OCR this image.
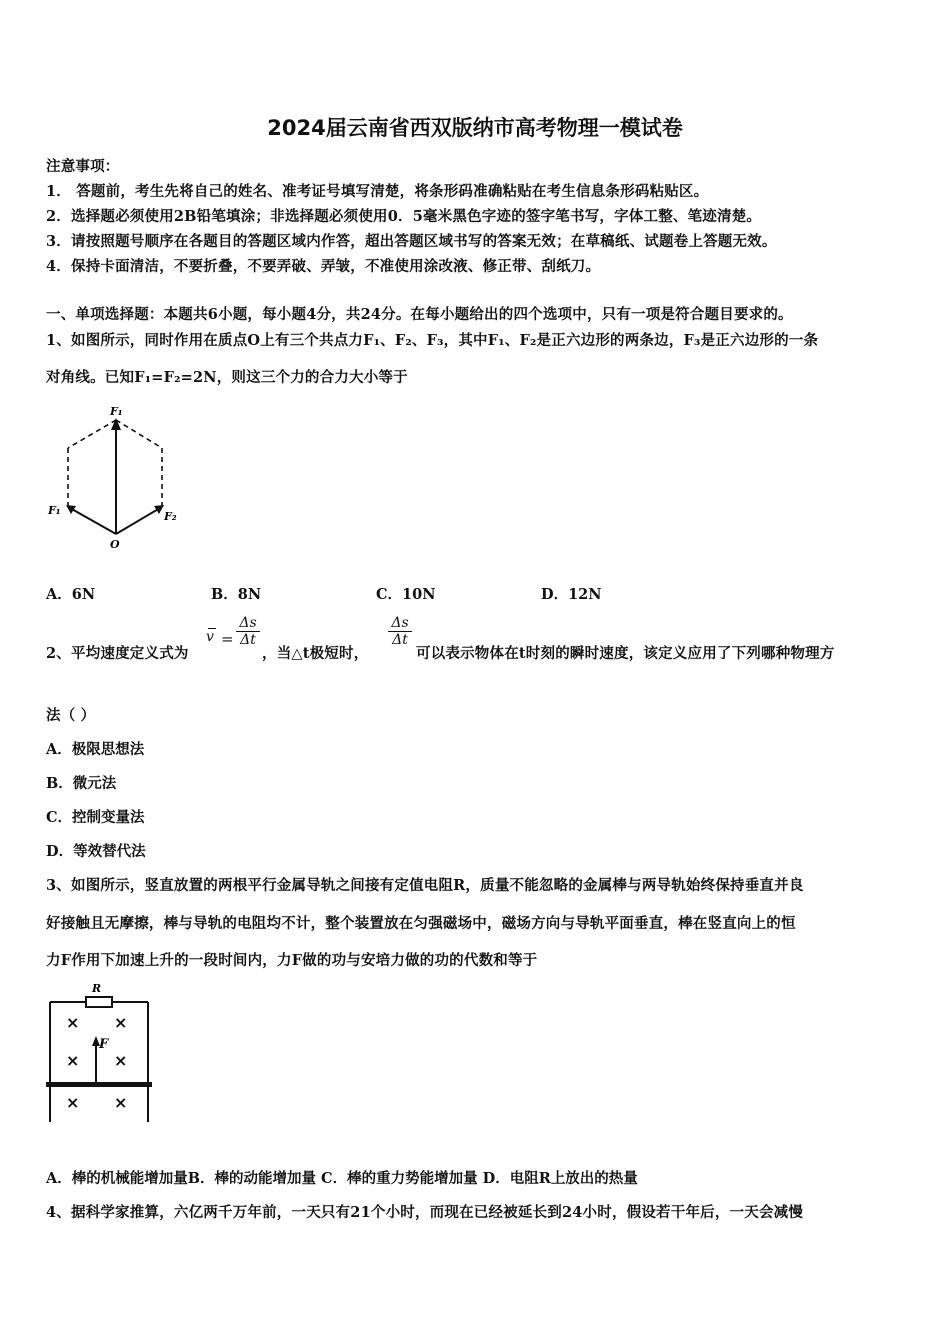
2024届云南省西双版纳市高考物理一模试卷
注意事项：
1． 答题前，考生先将自己的姓名、准考证号填写清楚，将条形码准确粘贴在考生信息条形码粘贴区。
2．选择题必须使用2B铅笔填涂；非选择题必须使用0．5毫米黑色字迹的签字笔书写，字体工整、笔迹清楚。
3．请按照题号顺序在各题目的答题区域内作答，超出答题区域书写的答案无效；在草稿纸、试题卷上答题无效。
4．保持卡面清洁，不要折叠，不要弄破、弄皱，不准使用涂改液、修正带、刮纸刀。
一、单项选择题：本题共6小题，每小题4分，共24分。在每小题给出的四个选项中，只有一项是符合题目要求的。
1、如图所示，同时作用在质点O上有三个共点力F₁、F₂、F₃，其中F₁、F₂是正六边形的两条边，F₃是正六边形的一条
对角线。已知F₁=F₂=2N，则这三个力的合力大小等于
F₁
F₁	F₂
O
A．6N	B．8N	C．10N	D．12N
2、平均速度定义式为
$v = \frac{\Delta s}{\Delta t}$
，当△t极短时，
$\frac{\Delta s}{\Delta t}$
可以表示物体在t时刻的瞬时速度，该定义应用了下列哪种物理方
法（ ）
A．极限思想法
B．微元法
C．控制变量法
D．等效替代法
3、如图所示，竖直放置的两根平行金属导轨之间接有定值电阻R，质量不能忽略的金属棒与两导轨始终保持垂直并良
好接触且无摩擦，棒与导轨的电阻均不计，整个装置放在匀强磁场中，磁场方向与导轨平面垂直，棒在竖直向上的恒
力F作用下加速上升的一段时间内，力F做的功与安培力做的功的代数和等于
R
F
× ×
× ×
× ×
A．棒的机械能增加量B．棒的动能增加量 C．棒的重力势能增加量 D．电阻R上放出的热量
4、据科学家推算，六亿两千万年前，一天只有21个小时，而现在已经被延长到24小时，假设若干年后，一天会减慢
